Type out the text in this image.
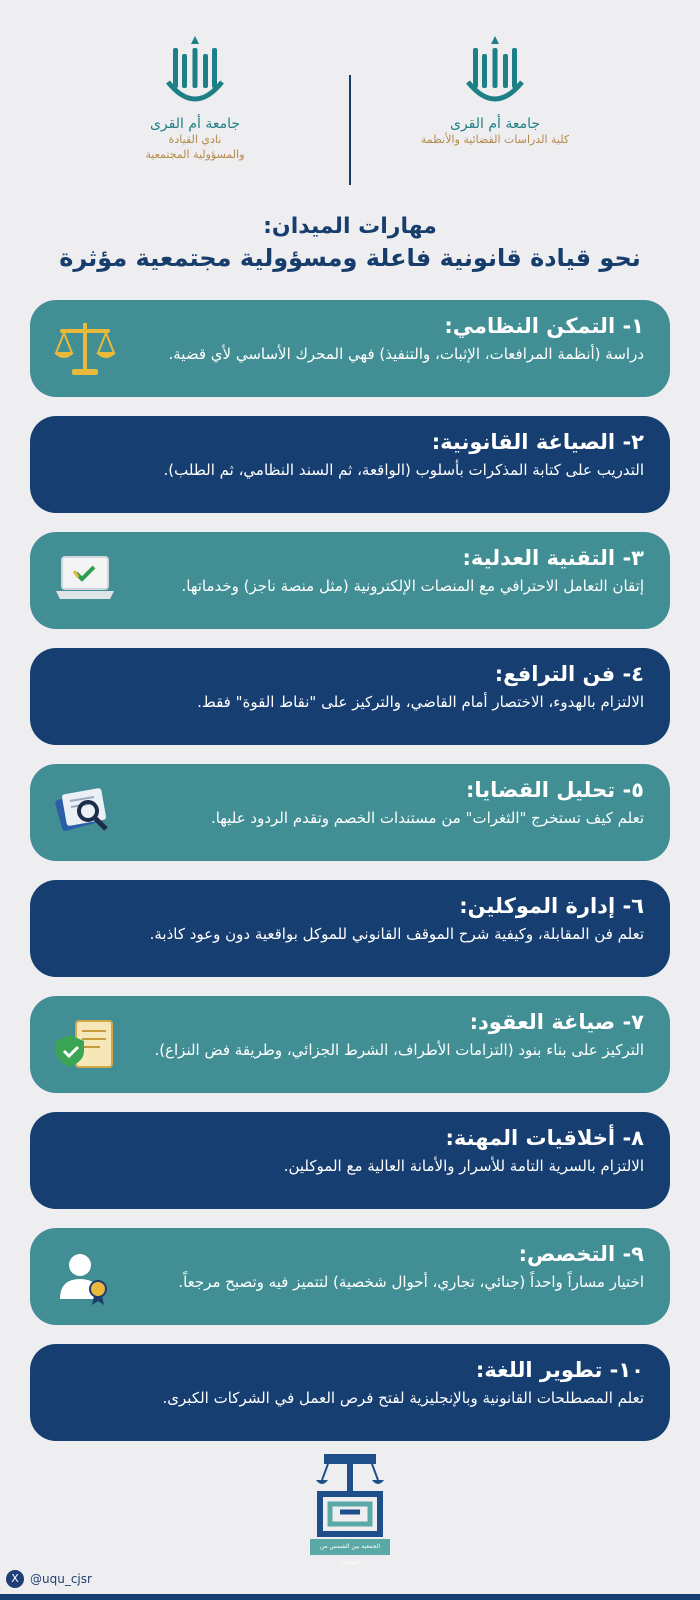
جامعة أم القرى
نادي القيادة
والمسؤولية المجتمعية
جامعة أم القرى
كلية الدراسات القضائية والأنظمة
مهارات الميدان:
نحو قيادة قانونية فاعلة ومسؤولية مجتمعية مؤثرة
١- التمكن النظامي:
دراسة (أنظمة المرافعات، الإثبات، والتنفيذ) فهي المحرك الأساسي لأي قضية.
٢- الصياغة القانونية:
التدريب على كتابة المذكرات بأسلوب (الواقعة، ثم السند النظامي، ثم الطلب).
٣- التقنية العدلية:
إتقان التعامل الاحترافي مع المنصات الإلكترونية (مثل منصة ناجز) وخدماتها.
٤- فن الترافع:
الالتزام بالهدوء، الاختصار أمام القاضي، والتركيز على "نقاط القوة" فقط.
٥- تحليل القضايا:
تعلم كيف تستخرج "الثغرات" من مستندات الخصم وتقدم الردود عليها.
٦- إدارة الموكلين:
تعلم فن المقابلة، وكيفية شرح الموقف القانوني للموكل بواقعية دون وعود كاذبة.
٧- صياغة العقود:
التركيز على بناء بنود (التزامات الأطراف، الشرط الجزائي، وطريقة فض النزاع).
٨- أخلاقيات المهنة:
الالتزام بالسرية التامة للأسرار والأمانة العالية مع الموكلين.
٩- التخصص:
اختيار مساراً واحداً (جنائي، تجاري، أحوال شخصية) لتتميز فيه وتصبح مرجعاً.
١٠- تطوير اللغة:
تعلم المصطلحات القانونية وبالإنجليزية لفتح فرص العمل في الشركات الكبرى.
الجمعية بين الشمس من الميدان
X @uqu_cjsr
